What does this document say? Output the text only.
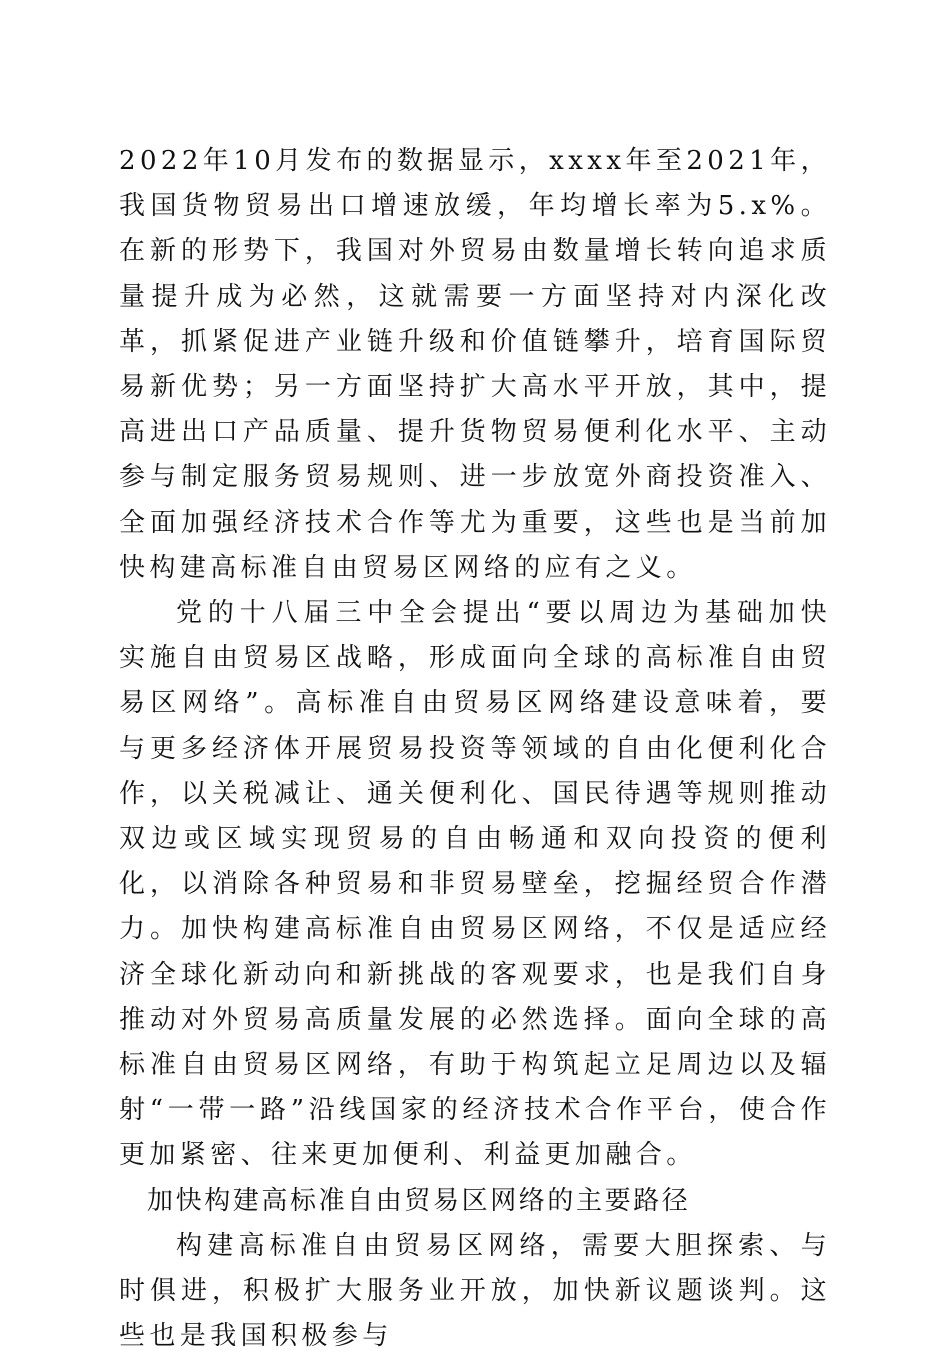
2022年10月发布的数据显示，xxxx年至2021年，我国货物贸易出口增速放缓，年均增长率为5.x%。在新的形势下，我国对外贸易由数量增长转向追求质量提升成为必然，这就需要一方面坚持对内深化改革，抓紧促进产业链升级和价值链攀升，培育国际贸易新优势；另一方面坚持扩大高水平开放，其中，提高进出口产品质量、提升货物贸易便利化水平、主动参与制定服务贸易规则、进一步放宽外商投资准入、全面加强经济技术合作等尤为重要，这些也是当前加快构建高标准自由贸易区网络的应有之义。

党的十八届三中全会提出“要以周边为基础加快实施自由贸易区战略，形成面向全球的高标准自由贸易区网络”。高标准自由贸易区网络建设意味着，要与更多经济体开展贸易投资等领域的自由化便利化合作，以关税减让、通关便利化、国民待遇等规则推动双边或区域实现贸易的自由畅通和双向投资的便利化，以消除各种贸易和非贸易壁垒，挖掘经贸合作潜力。加快构建高标准自由贸易区网络，不仅是适应经济全球化新动向和新挑战的客观要求，也是我们自身推动对外贸易高质量发展的必然选择。面向全球的高标准自由贸易区网络，有助于构筑起立足周边以及辐射“一带一路”沿线国家的经济技术合作平台，使合作更加紧密、往来更加便利、利益更加融合。

加快构建高标准自由贸易区网络的主要路径

构建高标准自由贸易区网络，需要大胆探索、与时俱进，积极扩大服务业开放，加快新议题谈判。这些也是我国积极参与
